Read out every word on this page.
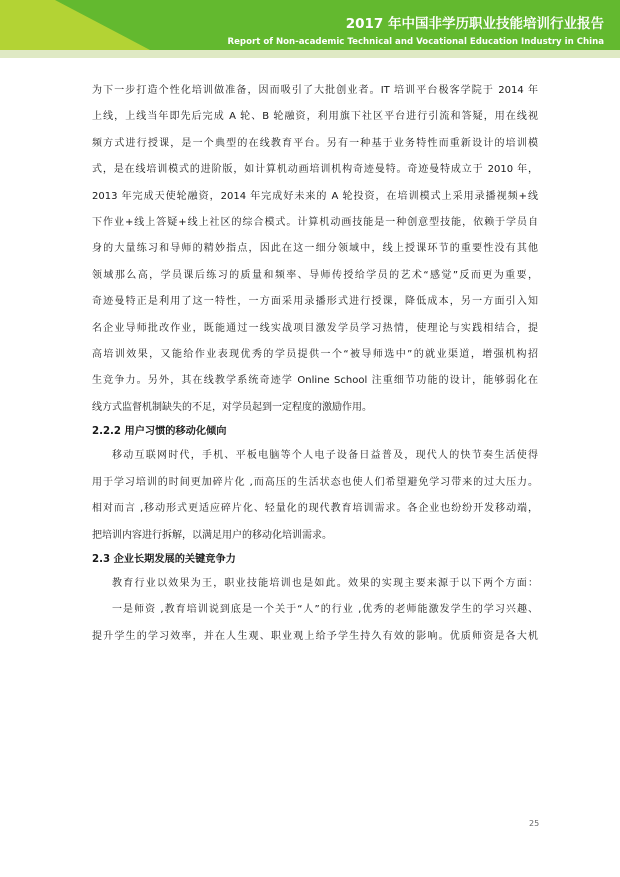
2017 年中国非学历职业技能培训行业报告
Report of Non-academic Technical and Vocational Education Industry in China

为下一步打造个性化培训做准备，因而吸引了大批创业者。IT 培训平台极客学院于 2014 年

上线，上线当年即先后完成 A 轮、B 轮融资，利用旗下社区平台进行引流和答疑，用在线视

频方式进行授课，是一个典型的在线教育平台。另有一种基于业务特性而重新设计的培训模

式，是在线培训模式的进阶版，如计算机动画培训机构奇迹曼特。奇迹曼特成立于 2010 年，

2013 年完成天使轮融资，2014 年完成好未来的 A 轮投资，在培训模式上采用录播视频+线

下作业+线上答疑+线上社区的综合模式。计算机动画技能是一种创意型技能，依赖于学员自

身的大量练习和导师的精妙指点，因此在这一细分领域中，线上授课环节的重要性没有其他

领域那么高，学员课后练习的质量和频率、导师传授给学员的艺术“感觉”反而更为重要，

奇迹曼特正是利用了这一特性，一方面采用录播形式进行授课，降低成本，另一方面引入知

名企业导师批改作业，既能通过一线实战项目激发学员学习热情，使理论与实践相结合，提

高培训效果，又能给作业表现优秀的学员提供一个“被导师选中”的就业渠道，增强机构招

生竞争力。另外，其在线教学系统奇迹学 Online School 注重细节功能的设计，能够弱化在

线方式监督机制缺失的不足，对学员起到一定程度的激励作用。

2.2.2 用户习惯的移动化倾向

移动互联网时代，手机、平板电脑等个人电子设备日益普及，现代人的快节奏生活使得

用于学习培训的时间更加碎片化 ,而高压的生活状态也使人们希望避免学习带来的过大压力。

相对而言 ,移动形式更适应碎片化、轻量化的现代教育培训需求。各企业也纷纷开发移动端，

把培训内容进行拆解，以满足用户的移动化培训需求。

2.3 企业长期发展的关键竞争力

教育行业以效果为王，职业技能培训也是如此。效果的实现主要来源于以下两个方面：

一是师资 ,教育培训说到底是一个关于“人”的行业 ,优秀的老师能激发学生的学习兴趣、

提升学生的学习效率，并在人生观、职业观上给予学生持久有效的影响。优质师资是各大机

25
